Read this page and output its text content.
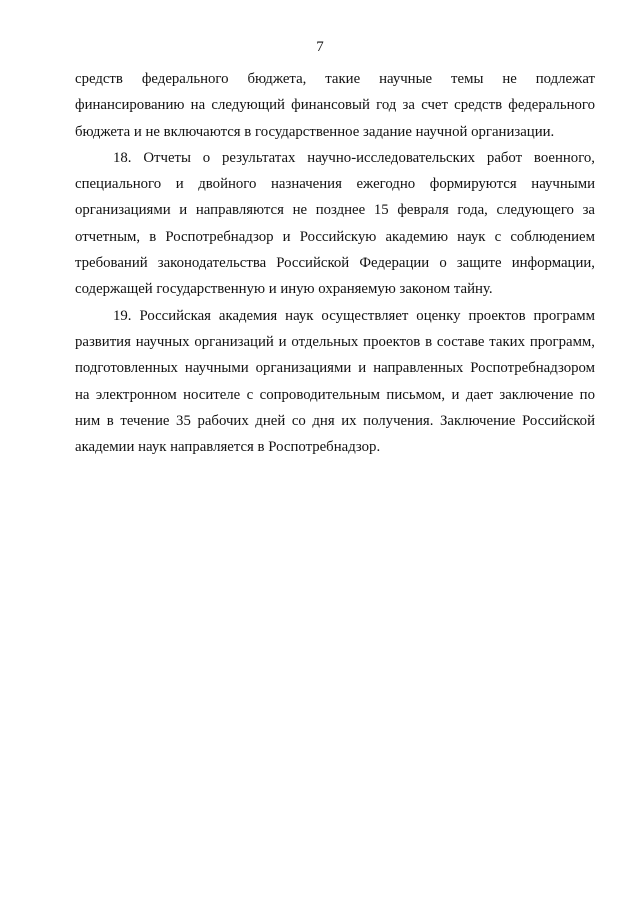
7

средств федерального бюджета, такие научные темы не подлежат финансированию на следующий финансовый год за счет средств федерального бюджета и не включаются в государственное задание научной организации.

18. Отчеты о результатах научно-исследовательских работ военного, специального и двойного назначения ежегодно формируются научными организациями и направляются не позднее 15 февраля года, следующего за отчетным, в Роспотребнадзор и Российскую академию наук с соблюдением требований законодательства Российской Федерации о защите информации, содержащей государственную и иную охраняемую законом тайну.

19. Российская академия наук осуществляет оценку проектов программ развития научных организаций и отдельных проектов в составе таких программ, подготовленных научными организациями и направленных Роспотребнадзором на электронном носителе с сопроводительным письмом, и дает заключение по ним в течение 35 рабочих дней со дня их получения. Заключение Российской академии наук направляется в Роспотребнадзор.
